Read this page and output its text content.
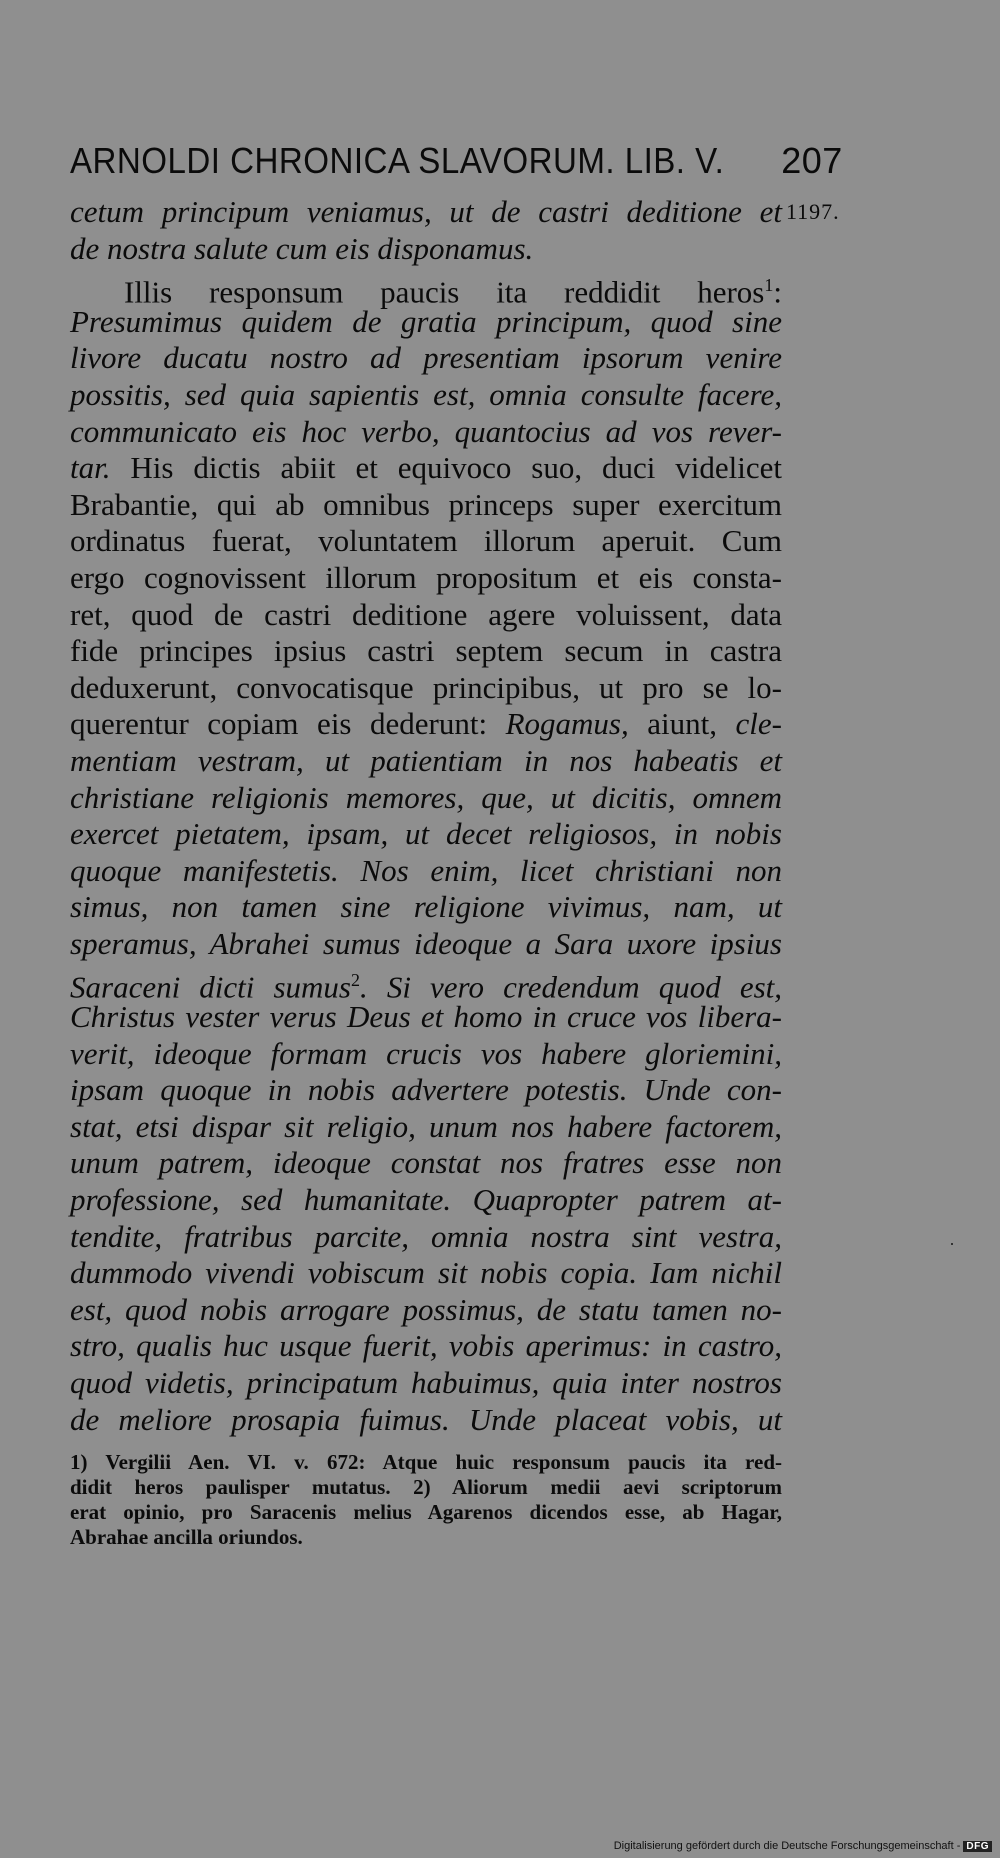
ARNOLDI CHRONICA SLAVORUM. LIB. V. 207
cetum principum veniamus, ut de castri deditione et 1197.
de nostra salute cum eis disponamus.
Illis responsum paucis ita reddidit heros$^1$:
Presumimus quidem de gratia principum, quod sine
livore ducatu nostro ad presentiam ipsorum venire
possitis, sed quia sapientis est, omnia consulte facere,
communicato eis hoc verbo, quantocius ad vos rever-
tar. His dictis abiit et equivoco suo, duci videlicet
Brabantie, qui ab omnibus princeps super exercitum
ordinatus fuerat, voluntatem illorum aperuit. Cum
ergo cognovissent illorum propositum et eis consta-
ret, quod de castri deditione agere voluissent, data
fide principes ipsius castri septem secum in castra
deduxerunt, convocatisque principibus, ut pro se lo-
querentur copiam eis dederunt: Rogamus, aiunt, cle-
mentiam vestram, ut patientiam in nos habeatis et
christiane religionis memores, que, ut dicitis, omnem
exercet pietatem, ipsam, ut decet religiosos, in nobis
quoque manifestetis. Nos enim, licet christiani non
simus, non tamen sine religione vivimus, nam, ut
speramus, Abrahei sumus ideoque a Sara uxore ipsius
Saraceni dicti sumus$^2$. Si vero credendum quod est,
Christus vester verus Deus et homo in cruce vos libera-
verit, ideoque formam crucis vos habere gloriemini,
ipsam quoque in nobis advertere potestis. Unde con-
stat, etsi dispar sit religio, unum nos habere factorem,
unum patrem, ideoque constat nos fratres esse non
professione, sed humanitate. Quapropter patrem at-
tendite, fratribus parcite, omnia nostra sint vestra,
dummodo vivendi vobiscum sit nobis copia. Iam nichil
est, quod nobis arrogare possimus, de statu tamen no-
stro, qualis huc usque fuerit, vobis aperimus: in castro,
quod videtis, principatum habuimus, quia inter nostros
de meliore prosapia fuimus. Unde placeat vobis, ut
1) Vergilii Aen. VI. v. 672: Atque huic responsum paucis ita red-
didit heros paulisper mutatus. 2) Aliorum medii aevi scriptorum
erat opinio, pro Saracenis melius Agarenos dicendos esse, ab Hagar,
Abrahae ancilla oriundos.
Digitalisierung gefördert durch die Deutsche Forschungsgemeinschaft - DFG
